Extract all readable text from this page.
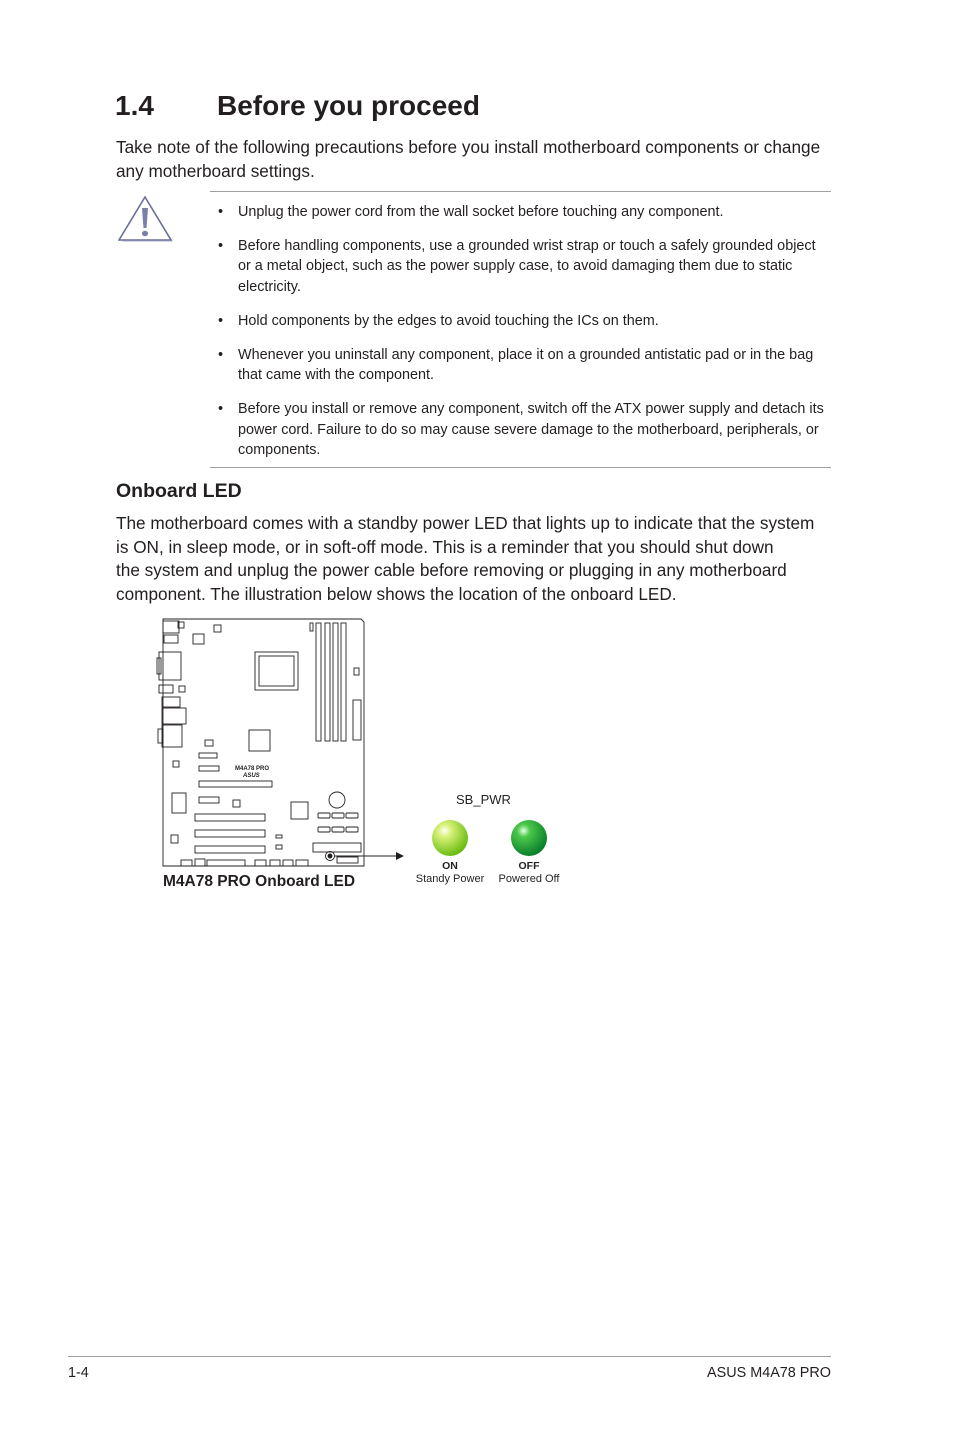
1.4 Before you proceed
Take note of the following precautions before you install motherboard components or change any motherboard settings.
• Unplug the power cord from the wall socket before touching any component.
• Before handling components, use a grounded wrist strap or touch a safely grounded object or a metal object, such as the power supply case, to avoid damaging them due to static electricity.
• Hold components by the edges to avoid touching the ICs on them.
• Whenever you uninstall any component, place it on a grounded antistatic pad or in the bag that came with the component.
• Before you install or remove any component, switch off the ATX power supply and detach its power cord. Failure to do so may cause severe damage to the motherboard, peripherals, or components.
Onboard LED
The motherboard comes with a standby power LED that lights up to indicate that the system
is ON, in sleep mode, or in soft-off mode. This is a reminder that you should shut down
the system and unplug the power cable before removing or plugging in any motherboard
component. The illustration below shows the location of the onboard LED.
M4A78 PRO
ASUS
M4A78 PRO Onboard LED
SB_PWR
ON
Standy Power
OFF
Powered Off
1-4	ASUS M4A78 PRO
